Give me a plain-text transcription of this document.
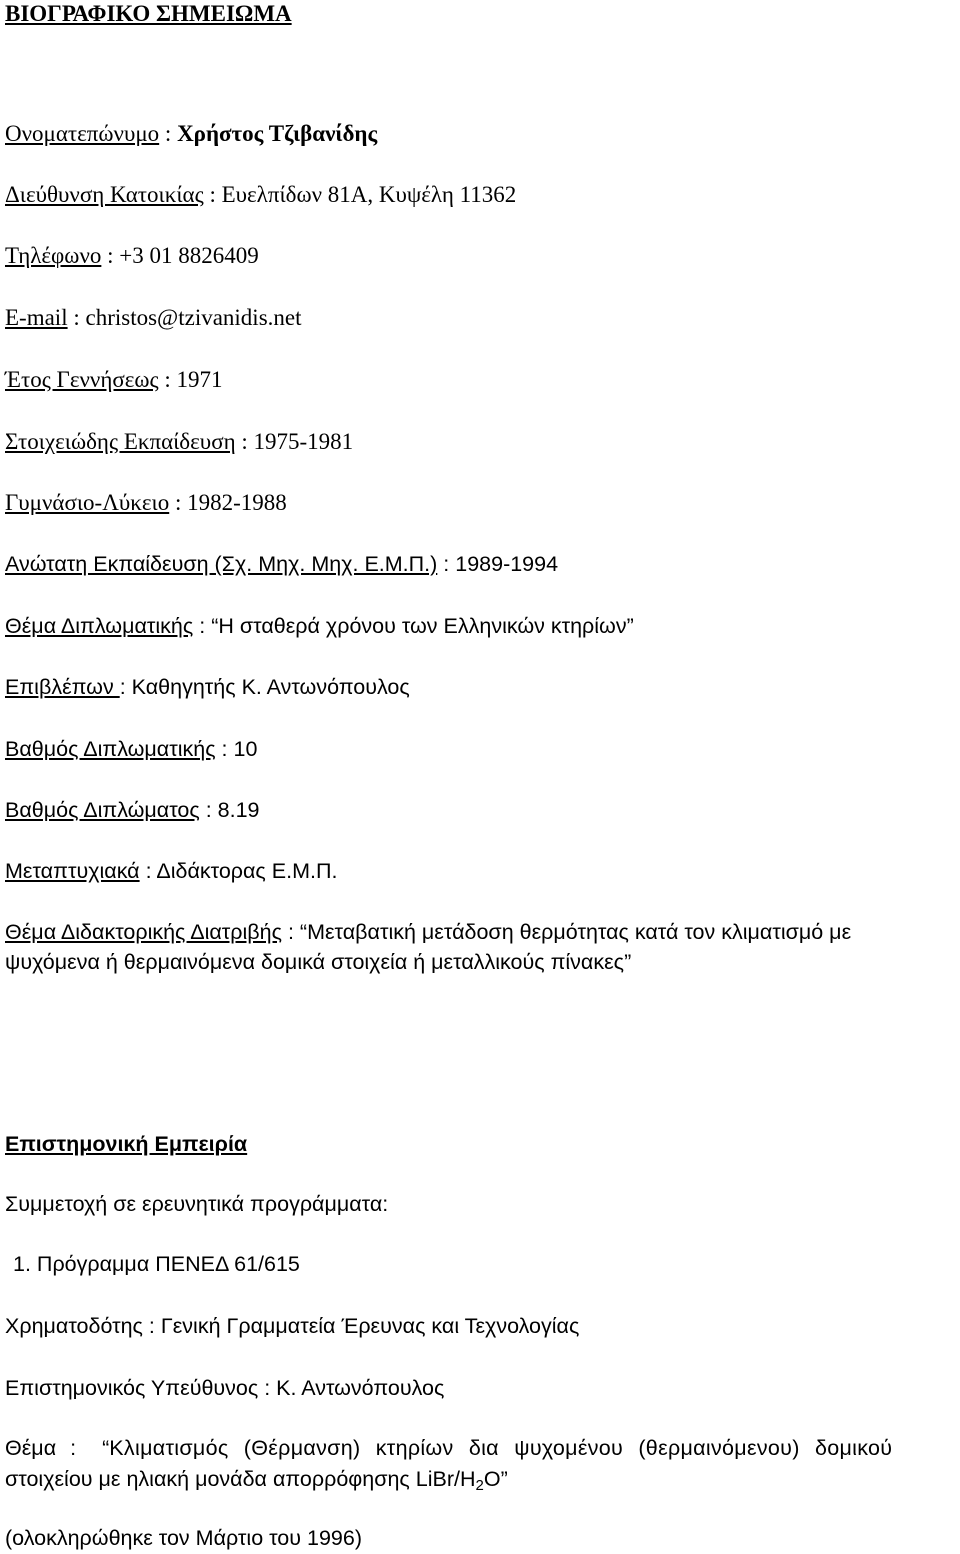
ΒΙΟΓΡΑΦΙΚΟ ΣΗΜΕΙΩΜΑ
Ονοματεπώνυμο : Χρήστος Τζιβανίδης
Διεύθυνση Κατοικίας : Ευελπίδων 81Α, Κυψέλη 11362
Τηλέφωνο : +3 01 8826409
E-mail : christos@tzivanidis.net
Έτος Γεννήσεως : 1971
Στοιχειώδης Εκπαίδευση : 1975-1981
Γυμνάσιο-Λύκειο : 1982-1988
Ανώτατη Εκπαίδευση (Σχ. Μηχ. Μηχ. Ε.Μ.Π.) : 1989-1994
Θέμα Διπλωματικής : “Η σταθερά χρόνου των Ελληνικών κτηρίων”
Επιβλέπων : Καθηγητής Κ. Αντωνόπουλος
Βαθμός Διπλωματικής : 10
Βαθμός Διπλώματος : 8.19
Μεταπτυχιακά : Διδάκτορας Ε.Μ.Π.
Θέμα Διδακτορικής Διατριβής : “Μεταβατική μετάδοση θερμότητας κατά τον κλιματισμό με
ψυχόμενα ή θερμαινόμενα δομικά στοιχεία ή μεταλλικούς πίνακες”
Επιστημονική Εμπειρία
Συμμετοχή σε ερευνητικά προγράμματα:
1. Πρόγραμμα ΠΕΝΕΔ 61/615
Χρηματοδότης : Γενική Γραμματεία Έρευνας και Τεχνολογίας
Επιστημονικός Υπεύθυνος : Κ. Αντωνόπουλος
Θέμα : “Κλιματισμός (Θέρμανση) κτηρίων δια ψυχομένου (θερμαινόμενου) δομικού
στοιχείου με ηλιακή μονάδα απορρόφησης LiBr/$H_2O$”
(ολοκληρώθηκε τον Μάρτιο του 1996)
